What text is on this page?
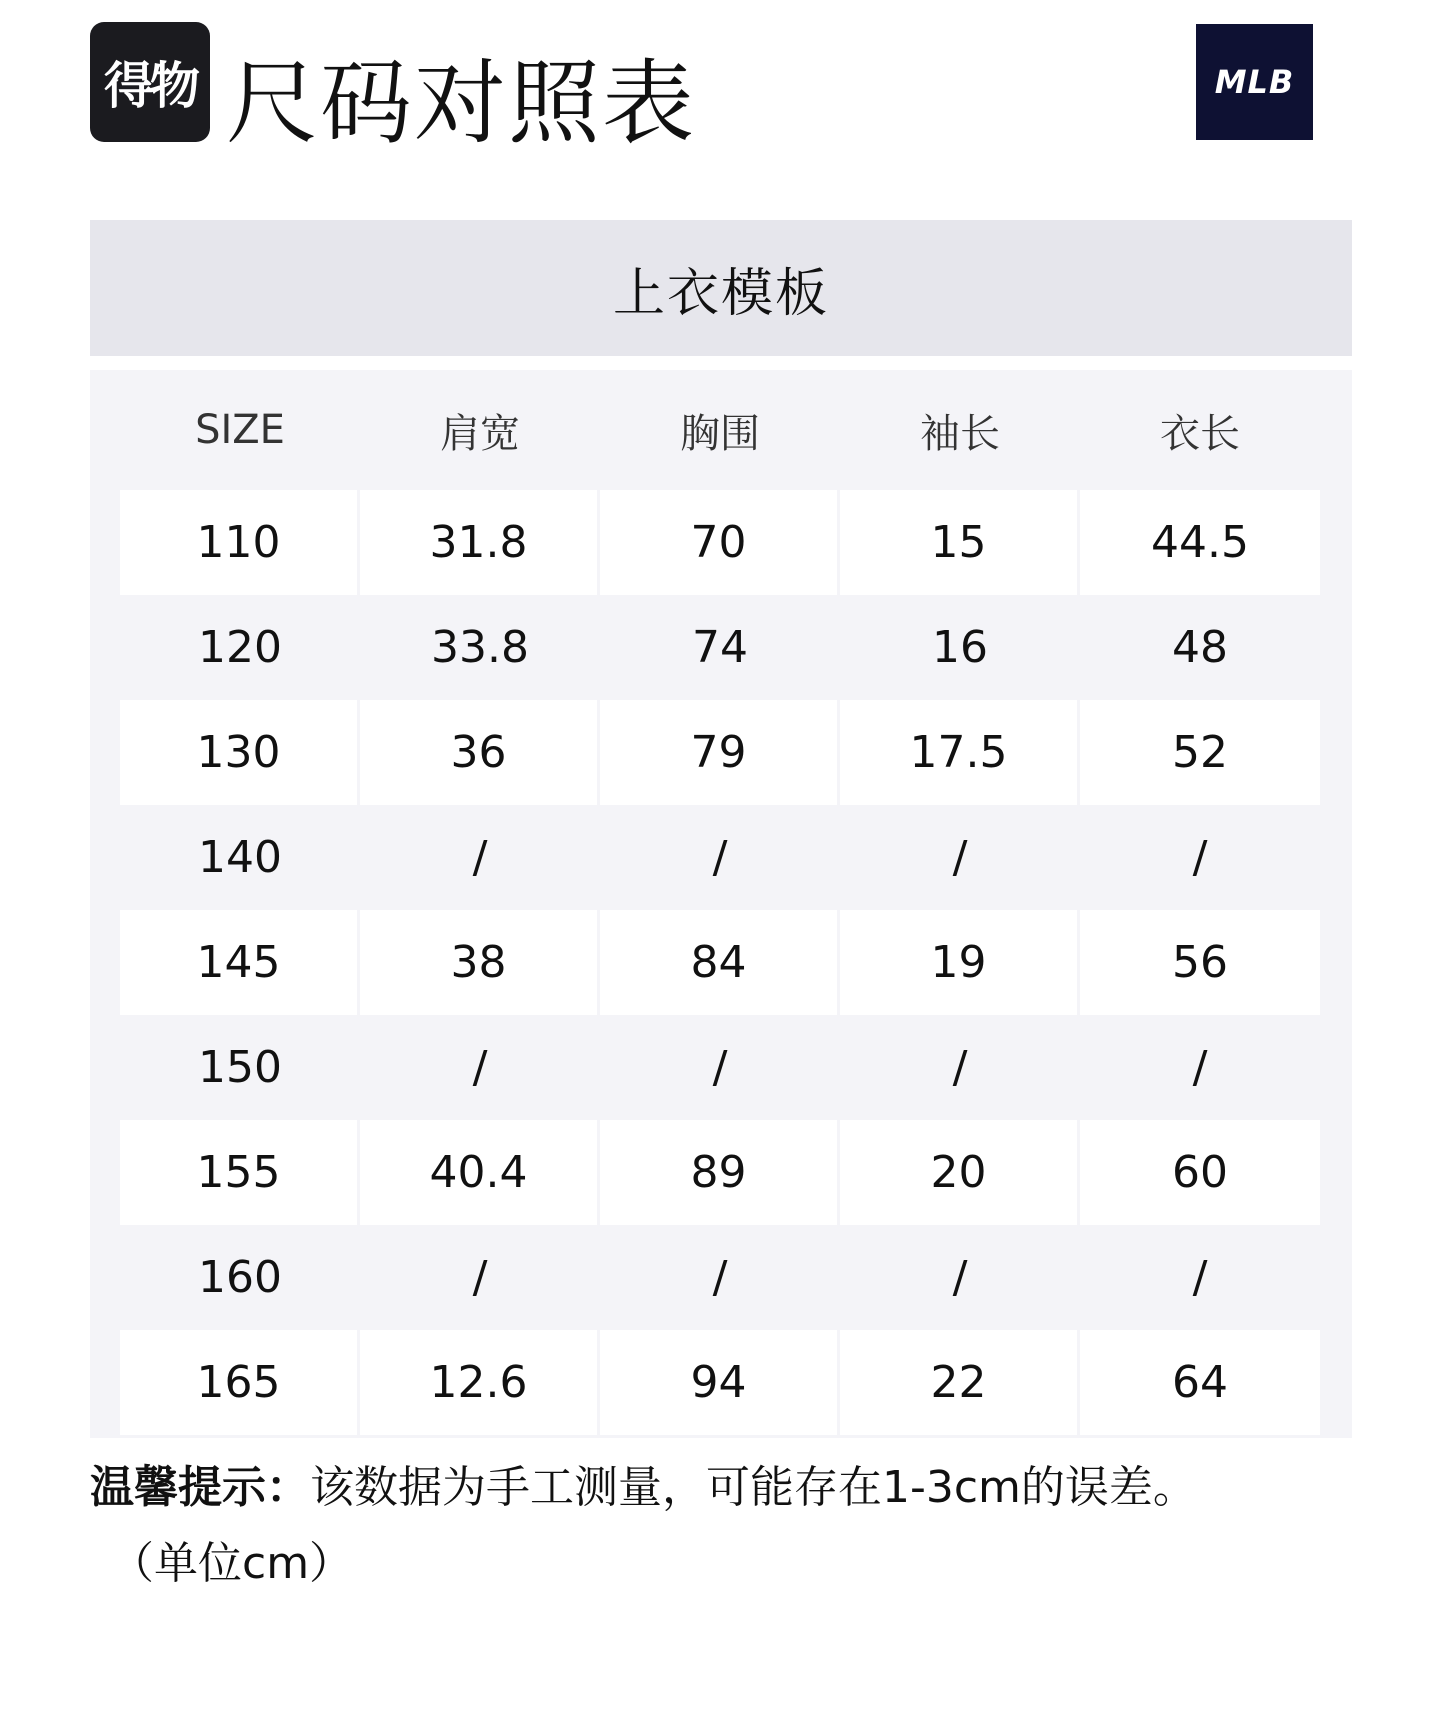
得物 尺码对照表	MLB
上衣模板
SIZE	肩宽	胸围	袖长	衣长
110	31.8	70	15	44.5
120	33.8	74	16	48
130	36	79	17.5	52
140	/	/	/	/
145	38	84	19	56
150	/	/	/	/
155	40.4	89	20	60
160	/	/	/	/
165	12.6	94	22	64
温馨提示：该数据为手工测量，可能存在1-3cm的误差。
（单位cm）
